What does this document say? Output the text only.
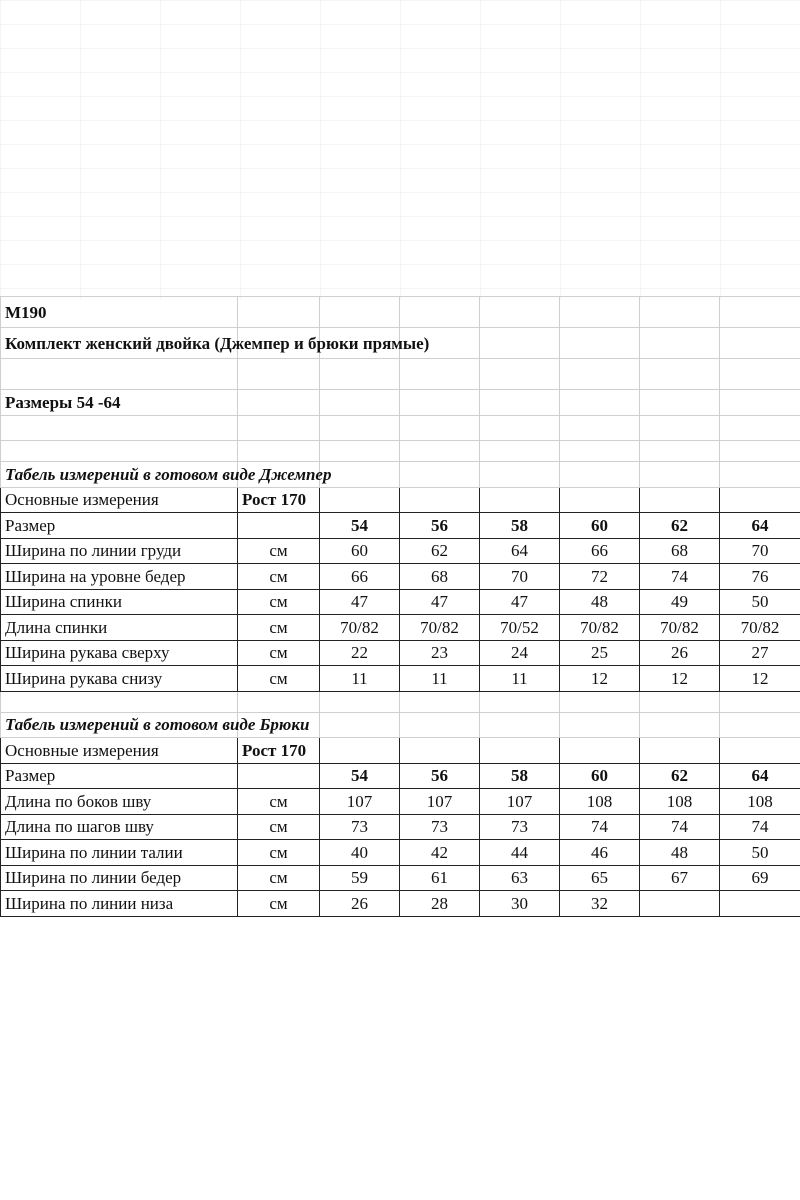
M190							
Комплект женский двойка (Джемпер и брюки прямые)							

Размеры 54 -64							

Табель измерений в готовом виде Джемпер							
Основные измерения	Рост 170						
Размер		54	56	58	60	62	64
Ширина по линии груди	см	60	62	64	66	68	70
Ширина на уровне бедер	см	66	68	70	72	74	76
Ширина спинки	см	47	47	47	48	49	50
Длина спинки	см	70/82	70/82	70/52	70/82	70/82	70/82
Ширина рукава сверху	см	22	23	24	25	26	27
Ширина рукава снизу	см	11	11	11	12	12	12

Табель измерений в готовом виде Брюки							
Основные измерения	Рост 170						
Размер		54	56	58	60	62	64
Длина по боков шву	см	107	107	107	108	108	108
Длина по шагов шву	см	73	73	73	74	74	74
Ширина по линии талии	см	40	42	44	46	48	50
Ширина по линии бедер	см	59	61	63	65	67	69
Ширина по линии низа	см	26	28	30	32		
